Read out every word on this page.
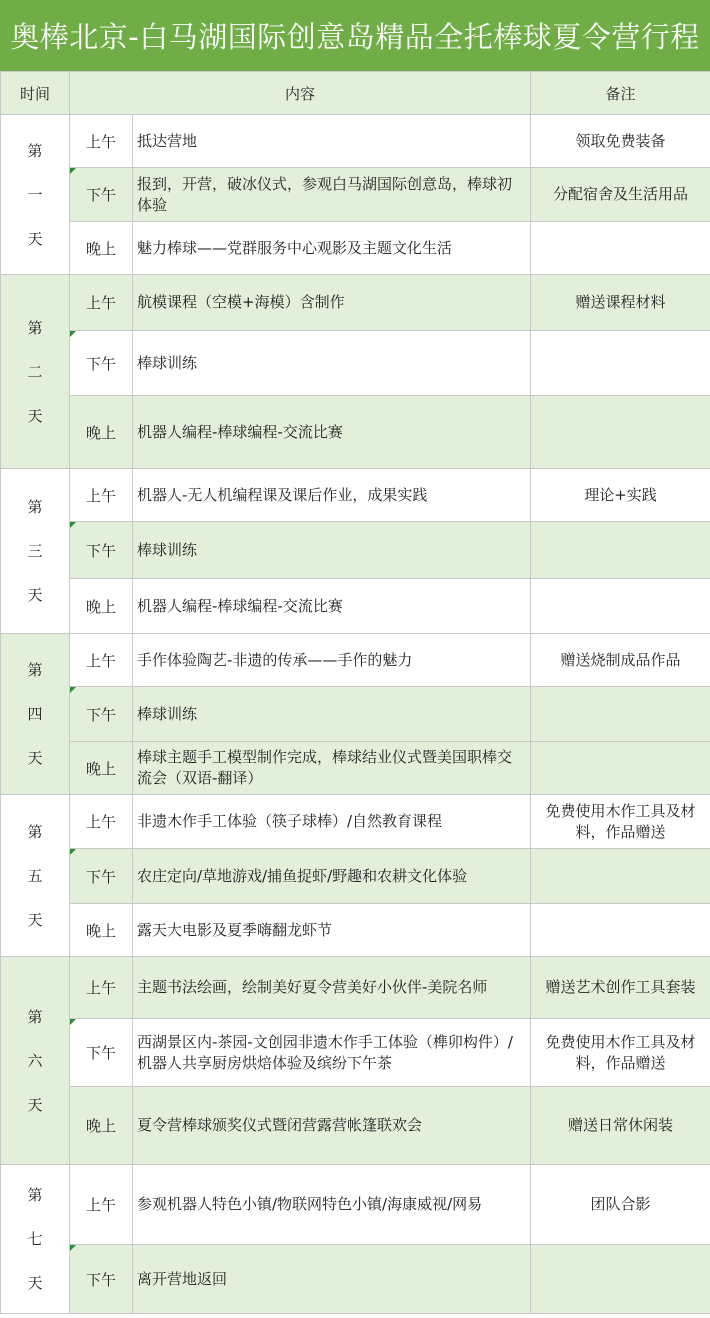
奥棒北京-白马湖国际创意岛精品全托棒球夏令营行程
时间	内容		备注

第
一
天	上午	抵达营地	领取免费装备

下午	报到，开营，破冰仪式，参观白马湖国际创意岛，棒球初体验	分配宿舍及生活用品
	晚上	魅力棒球——党群服务中心观影及主题文化生活	

第
二
天	上午	航模课程（空模+海模）含制作	赠送课程材料

下午	棒球训练	
	晚上	机器人编程-棒球编程-交流比赛	

第
三
天	上午	机器人-无人机编程课及课后作业，成果实践	理论+实践

下午	棒球训练	
	晚上	机器人编程-棒球编程-交流比赛	

第
四
天	上午	手作体验陶艺-非遗的传承——手作的魅力	赠送烧制成品作品

下午	棒球训练	
	晚上	棒球主题手工模型制作完成，棒球结业仪式暨美国职棒交流会（双语-翻译）	

第
五
天	上午	非遗木作手工体验（筷子球棒）/自然教育课程	免费使用木作工具及材料，作品赠送

下午	农庄定向/草地游戏/捕鱼捉虾/野趣和农耕文化体验	
	晚上	露天大电影及夏季嗨翻龙虾节	

第
六
天	上午	主题书法绘画，绘制美好夏令营美好小伙伴-美院名师	赠送艺术创作工具套装

下午	西湖景区内-茶园-文创园非遗木作手工体验（榫卯构件）/机器人共享厨房烘焙体验及缤纷下午茶	免费使用木作工具及材料，作品赠送
	晚上	夏令营棒球颁奖仪式暨闭营露营帐篷联欢会	赠送日常休闲装

第
七
天	上午	参观机器人特色小镇/物联网特色小镇/海康威视/网易	团队合影

下午	离开营地返回	
